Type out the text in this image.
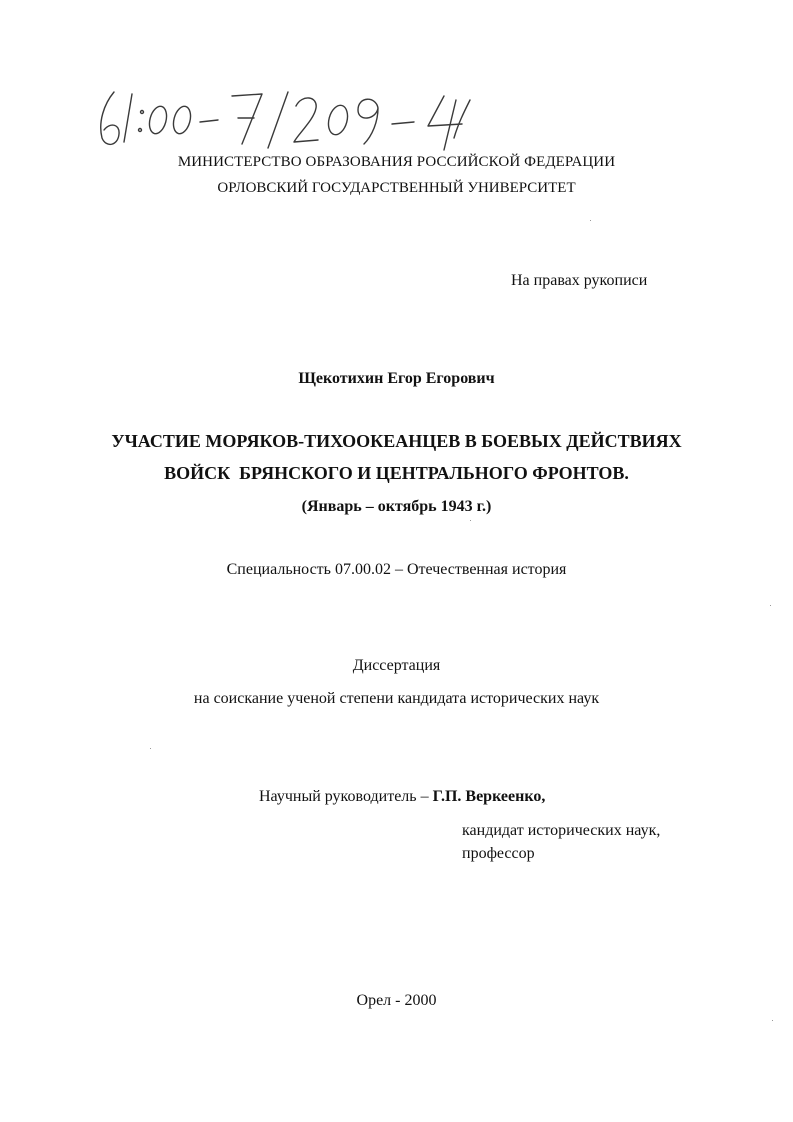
МИНИСТЕРСТВО ОБРАЗОВАНИЯ РОССИЙСКОЙ ФЕДЕРАЦИИ
ОРЛОВСКИЙ ГОСУДАРСТВЕННЫЙ УНИВЕРСИТЕТ
На правах рукописи
Щекотихин Егор Егорович
УЧАСТИЕ МОРЯКОВ-ТИХООКЕАНЦЕВ В БОЕВЫХ ДЕЙСТВИЯХ
ВОЙСК  БРЯНСКОГО И ЦЕНТРАЛЬНОГО ФРОНТОВ.
(Январь – октябрь 1943 г.)
Специальность 07.00.02 – Отечественная история
Диссертация
на соискание ученой степени кандидата исторических наук
Научный руководитель – Г.П. Веркеенко,
кандидат исторических наук,
профессор
Орел - 2000
